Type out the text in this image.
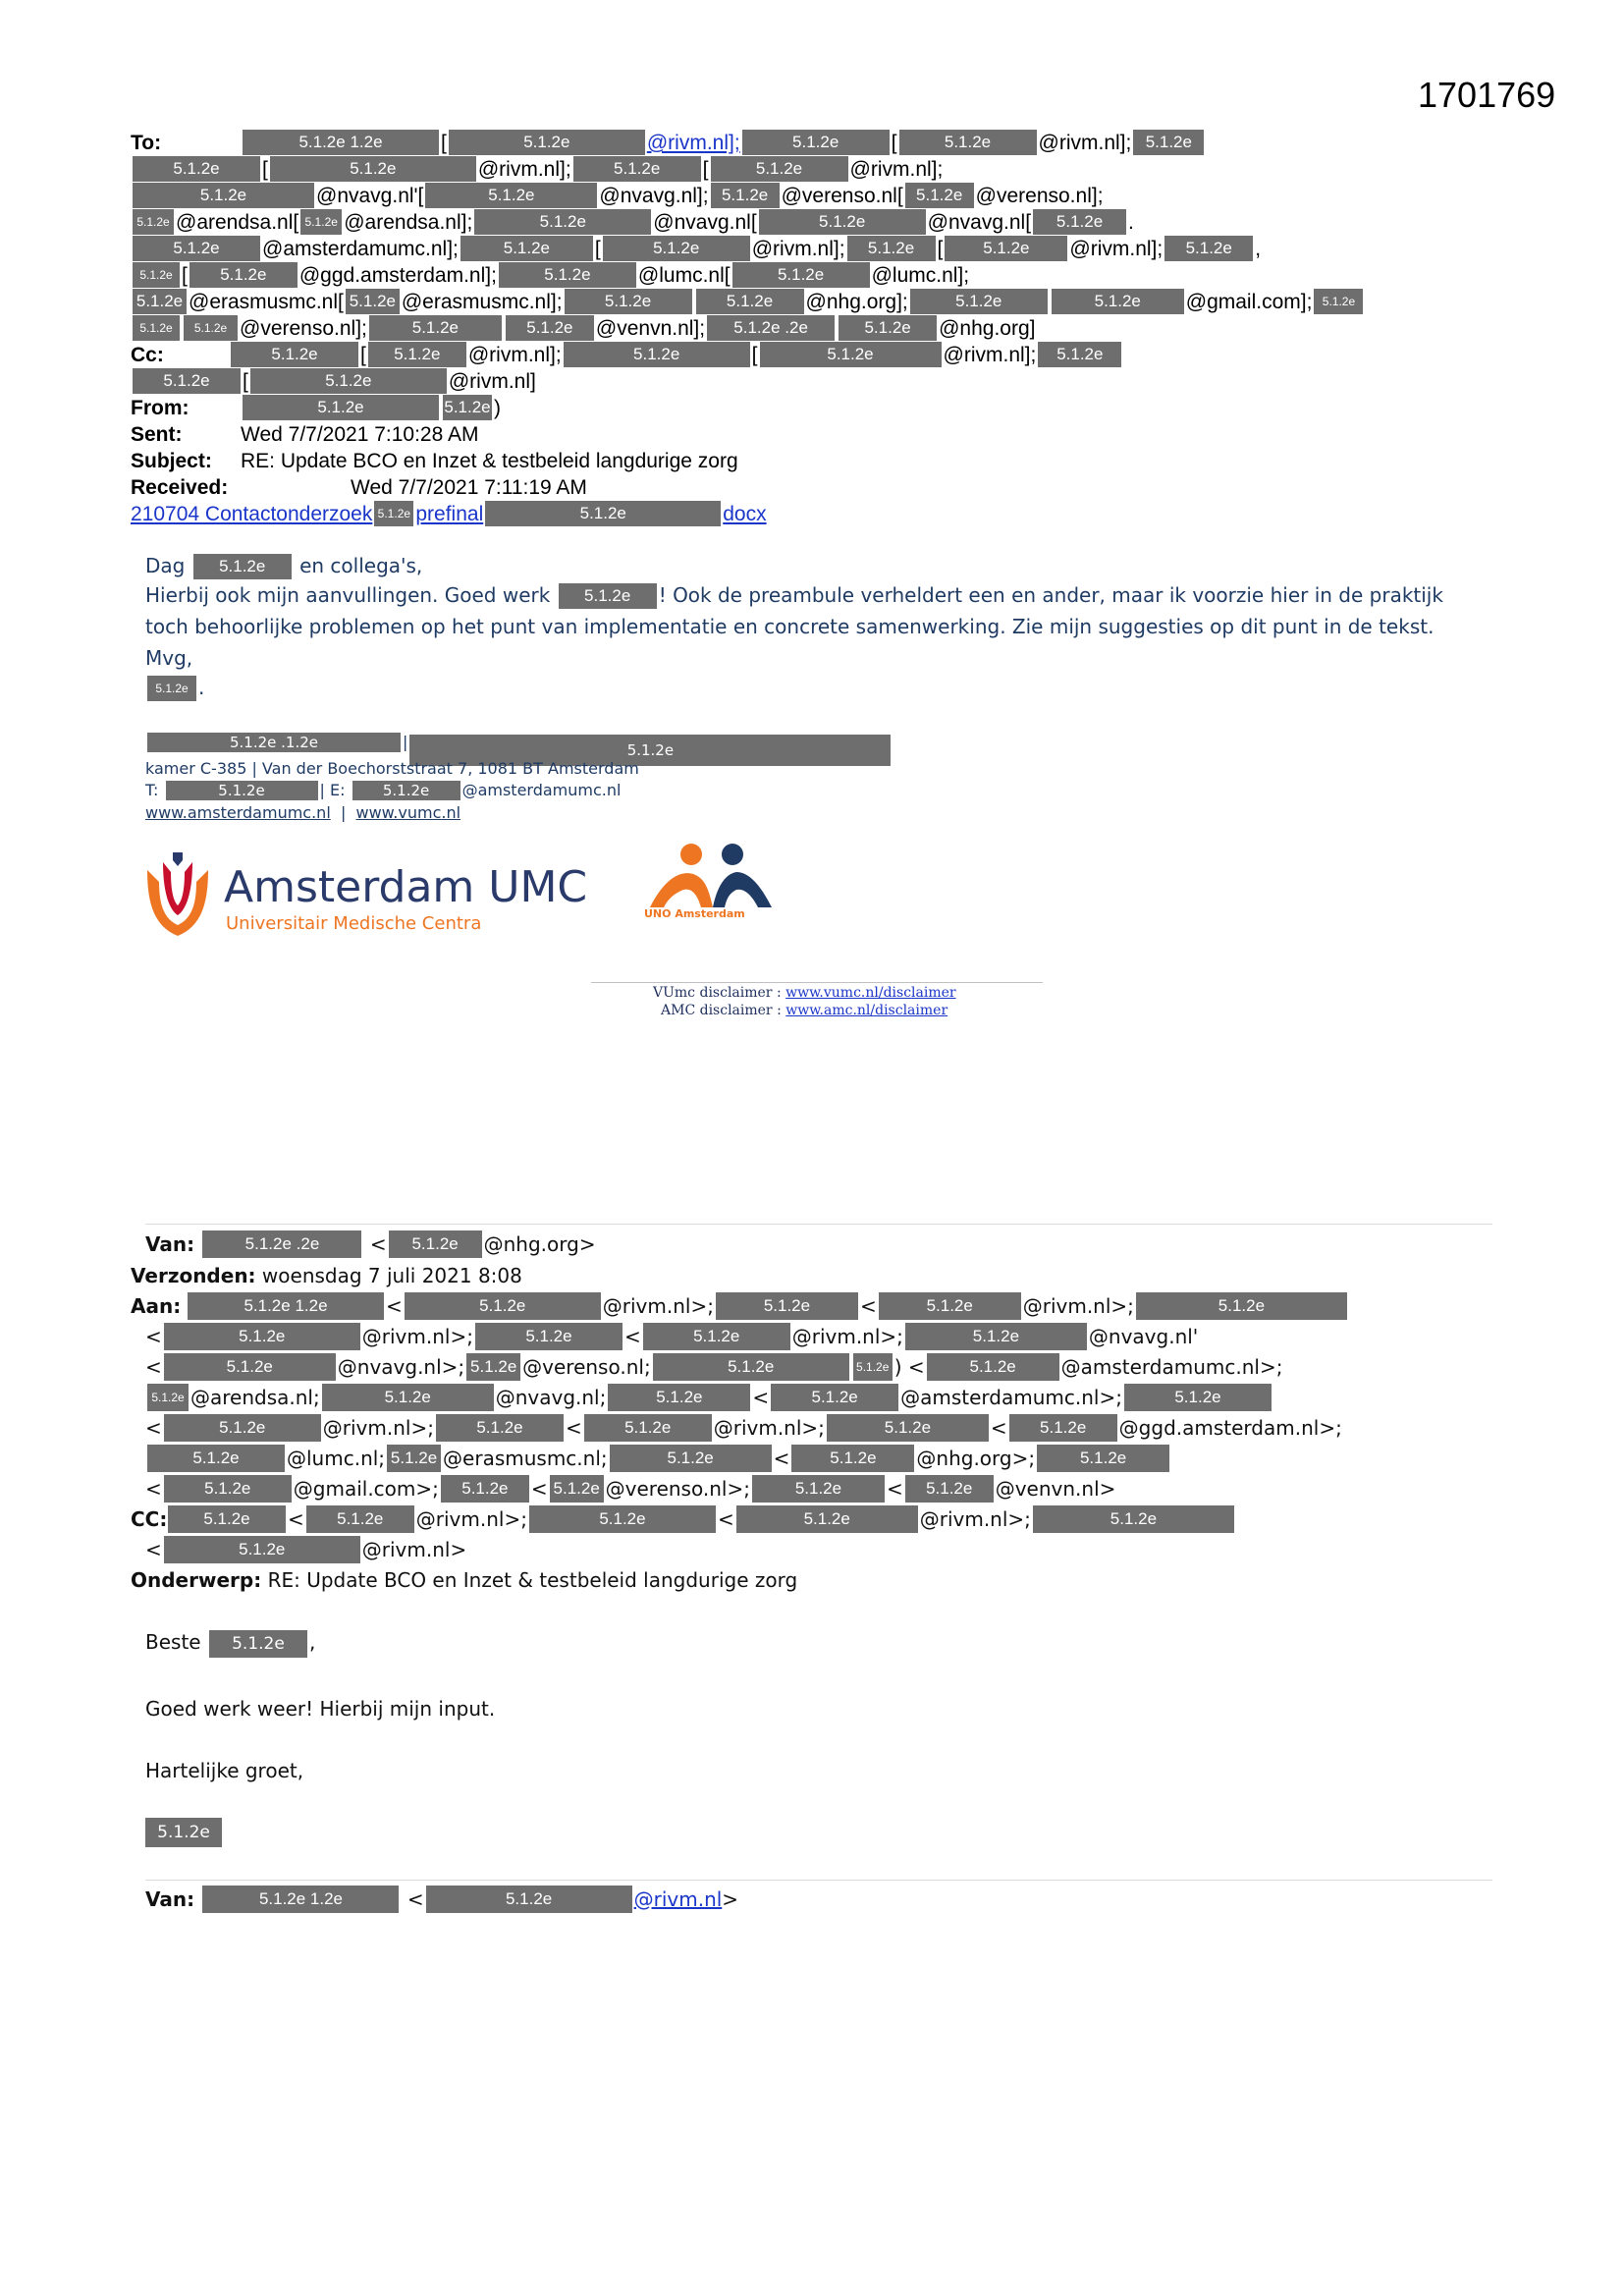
1701769
To:	5.1.2e 1.2e	[	5.1.2e	@rivm.nl];	5.1.2e	[	5.1.2e @rivm.nl]; 5.1.2e
5.1.2e [	5.1.2e	@rivm.nl];	5.1.2e [	5.1.2e @rivm.nl];
5.1.2e	@nvavg.nl'[	5.1.2e	@nvavg.nl]; 5.1.2e @verenso.nl[ 5.1.2e @verenso.nl];
5.1.2e @arendsa.nl[ 5.1.2e @arendsa.nl];	5.1.2e	@nvavg.nl[	5.1.2e	@nvavg.nl[ 5.1.2e .
5.1.2e @amsterdamumc.nl];	5.1.2e [	5.1.2e	@rivm.nl]; 5.1.2e [ 5.1.2e @rivm.nl]; 5.1.2e ,
5.1.2e [ 5.1.2e @ggd.amsterdam.nl];	5.1.2e @lumc.nl[	5.1.2e @lumc.nl];
5.1.2e @erasmusmc.nl[ 5.1.2e @erasmusmc.nl];	5.1.2e	5.1.2e @nhg.org];	5.1.2e	5.1.2e @gmail.com]; 5.1.2e
5.1.2e 5.1.2e @verenso.nl];	5.1.2e	5.1.2e @venvn.nl]; 5.1.2e .2e	5.1.2e @nhg.org]
Cc:	5.1.2e [ 5.1.2e @rivm.nl];	5.1.2e	[	5.1.2e	@rivm.nl]; 5.1.2e
5.1.2e [	5.1.2e	@rivm.nl]
From:	5.1.2e	5.1.2e )
Sent:	Wed 7/7/2021 7:10:28 AM
Subject: RE: Update BCO en Inzet & testbeleid langdurige zorg
Received:	Wed 7/7/2021 7:11:19 AM
210704 Contactonderzoek 5.1.2e prefinal	5.1.2e	docx
Dag 5.1.2e en collega's,
Hierbij ook mijn aanvullingen. Goed werk 5.1.2e ! Ook de preambule verheldert een en ander, maar ik voorzie hier in de praktijk
toch behoorlijke problemen op het punt van implementatie en concrete samenwerking. Zie mijn suggesties op dit punt in de tekst.
Mvg,
5.1.2e .
5.1.2e .1.2e	|	5.1.2e
kamer C-385 | Van der Boechorststraat 7, 1081 BT Amsterdam
T:	5.1.2e	| E:	5.1.2e @amsterdamumc.nl
www.amsterdamumc.nl | www.vumc.nl
Amsterdam UMC
Universitair Medische Centra	UNO Amsterdam
VUmc disclaimer : www.vumc.nl/disclaimer
AMC disclaimer : www.amc.nl/disclaimer
Van:	5.1.2e .2e	< 5.1.2e @nhg.org>
Verzonden: woensdag 7 juli 2021 8:08
Aan:	5.1.2e 1.2e	<	5.1.2e	@rivm.nl>;	5.1.2e	<	5.1.2e	@rivm.nl>;	5.1.2e
<	5.1.2e	@rivm.nl>;	5.1.2e	<	5.1.2e	@rivm.nl>;	5.1.2e	@nvavg.nl'
<	5.1.2e	@nvavg.nl>; 5.1.2e @verenso.nl;	5.1.2e	5.1.2e ) <	5.1.2e @amsterdamumc.nl>;
5.1.2e @arendsa.nl;	5.1.2e	@nvavg.nl;	5.1.2e	<	5.1.2e @amsterdamumc.nl>;	5.1.2e
<	5.1.2e	@rivm.nl>;	5.1.2e <	5.1.2e @rivm.nl>;	5.1.2e	< 5.1.2e @ggd.amsterdam.nl>;
5.1.2e @lumc.nl; 5.1.2e @erasmusmc.nl;	5.1.2e	< 5.1.2e @nhg.org>;	5.1.2e
<	5.1.2e @gmail.com>; 5.1.2e < 5.1.2e @verenso.nl>;	5.1.2e < 5.1.2e @venvn.nl>
CC: 5.1.2e < 5.1.2e @rivm.nl>;	5.1.2e	<	5.1.2e	@rivm.nl>;	5.1.2e
<	5.1.2e	@rivm.nl>
Onderwerp: RE: Update BCO en Inzet & testbeleid langdurige zorg
Beste 5.1.2e ,
Goed werk weer! Hierbij mijn input.
Hartelijke groet,
5.1.2e
Van:	5.1.2e 1.2e	<	5.1.2e	@rivm.nl>
